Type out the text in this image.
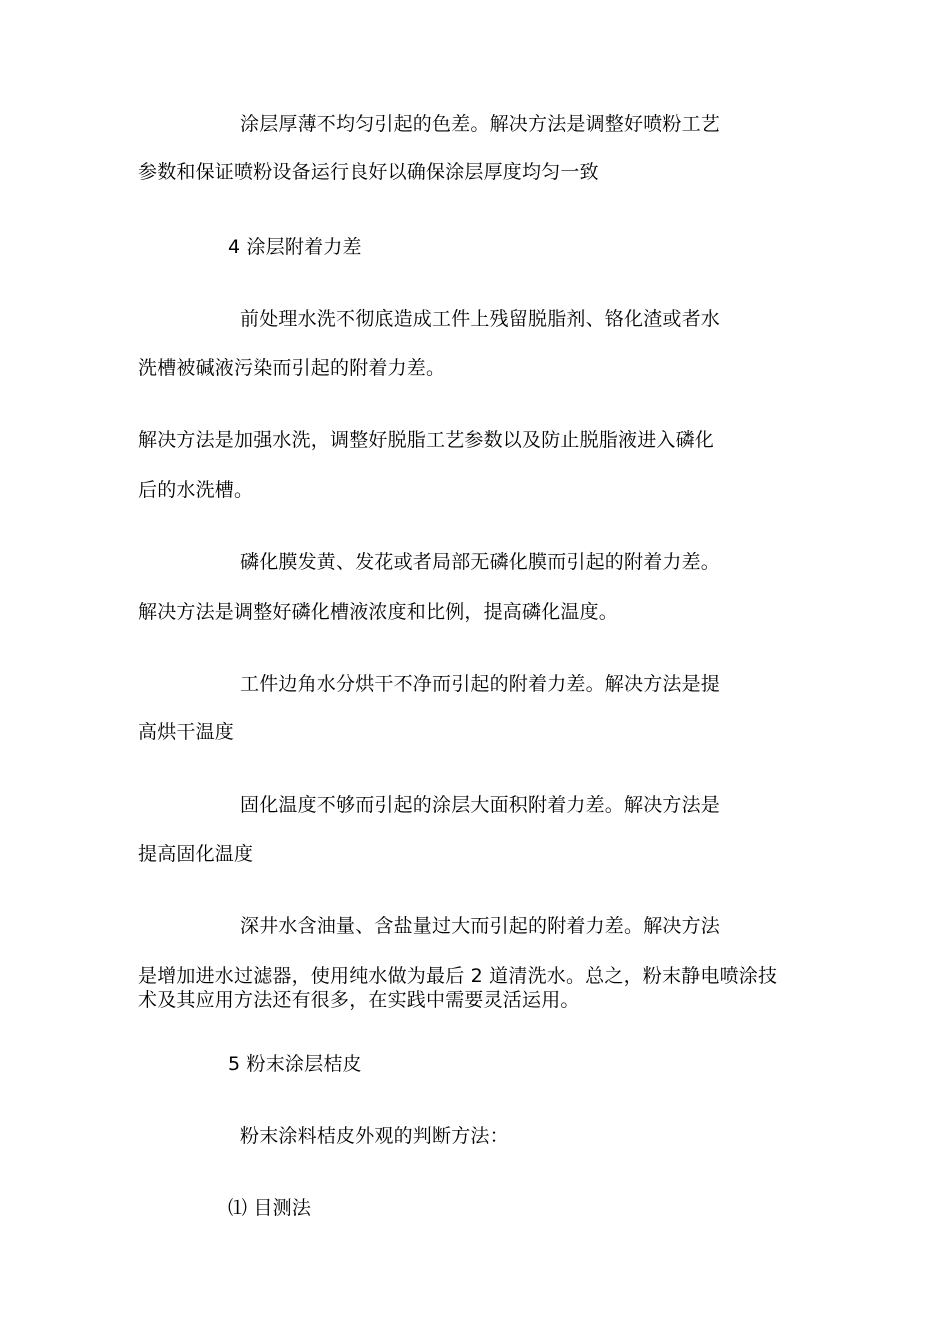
涂层厚薄不均匀引起的色差。解决方法是调整好喷粉工艺
参数和保证喷粉设备运行良好以确保涂层厚度均匀一致
4 涂层附着力差
前处理水洗不彻底造成工件上残留脱脂剂、铬化渣或者水
洗槽被碱液污染而引起的附着力差。
解决方法是加强水洗，调整好脱脂工艺参数以及防止脱脂液进入磷化
后的水洗槽。
磷化膜发黄、发花或者局部无磷化膜而引起的附着力差。
解决方法是调整好磷化槽液浓度和比例，提高磷化温度。
工件边角水分烘干不净而引起的附着力差。解决方法是提
高烘干温度
固化温度不够而引起的涂层大面积附着力差。解决方法是
提高固化温度
深井水含油量、含盐量过大而引起的附着力差。解决方法
是增加进水过滤器，使用纯水做为最后 2 道清洗水。总之，粉末静电喷涂技
术及其应用方法还有很多，在实践中需要灵活运用。
5 粉末涂层桔皮
粉末涂料桔皮外观的判断方法：
⑴ 目测法
